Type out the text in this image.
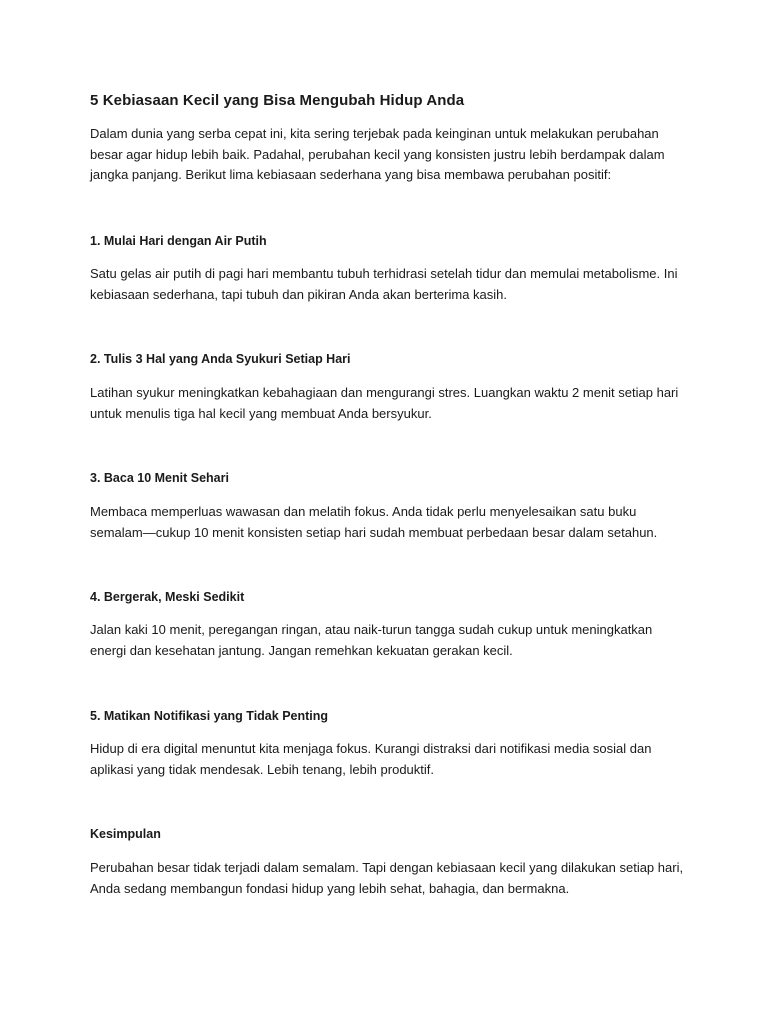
5 Kebiasaan Kecil yang Bisa Mengubah Hidup Anda

Dalam dunia yang serba cepat ini, kita sering terjebak pada keinginan untuk melakukan perubahan besar agar hidup lebih baik. Padahal, perubahan kecil yang konsisten justru lebih berdampak dalam jangka panjang. Berikut lima kebiasaan sederhana yang bisa membawa perubahan positif:

1. Mulai Hari dengan Air Putih

Satu gelas air putih di pagi hari membantu tubuh terhidrasi setelah tidur dan memulai metabolisme. Ini kebiasaan sederhana, tapi tubuh dan pikiran Anda akan berterima kasih.

2. Tulis 3 Hal yang Anda Syukuri Setiap Hari

Latihan syukur meningkatkan kebahagiaan dan mengurangi stres. Luangkan waktu 2 menit setiap hari untuk menulis tiga hal kecil yang membuat Anda bersyukur.

3. Baca 10 Menit Sehari

Membaca memperluas wawasan dan melatih fokus. Anda tidak perlu menyelesaikan satu buku semalam—cukup 10 menit konsisten setiap hari sudah membuat perbedaan besar dalam setahun.

4. Bergerak, Meski Sedikit

Jalan kaki 10 menit, peregangan ringan, atau naik-turun tangga sudah cukup untuk meningkatkan energi dan kesehatan jantung. Jangan remehkan kekuatan gerakan kecil.

5. Matikan Notifikasi yang Tidak Penting

Hidup di era digital menuntut kita menjaga fokus. Kurangi distraksi dari notifikasi media sosial dan aplikasi yang tidak mendesak. Lebih tenang, lebih produktif.

Kesimpulan

Perubahan besar tidak terjadi dalam semalam. Tapi dengan kebiasaan kecil yang dilakukan setiap hari, Anda sedang membangun fondasi hidup yang lebih sehat, bahagia, dan bermakna.
